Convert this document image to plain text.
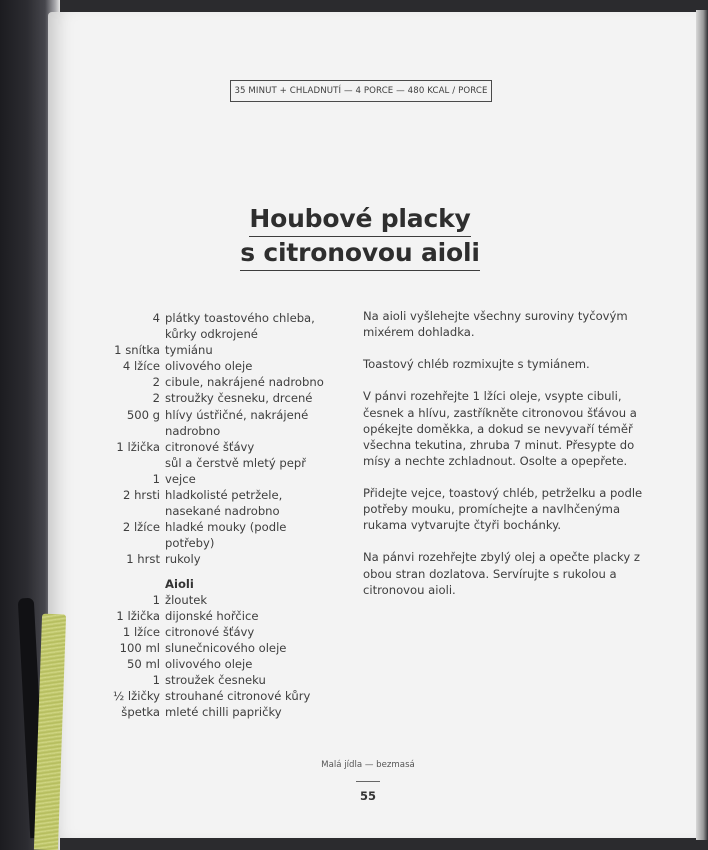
35 MINUT + CHLADNUTÍ — 4 PORCE — 480 KCAL / PORCE
Houbové placky
s citronovou aioli
4 plátky toastového chleba,
kůrky odkrojené
1 snítka tymiánu
4 lžíce olivového oleje
2 cibule, nakrájené nadrobno
2 stroužky česneku, drcené
500 g hlívy ústřičné, nakrájené
nadrobno
1 lžička citronové šťávy
sůl a čerstvě mletý pepř
1 vejce
2 hrsti hladkolisté petržele,
nasekané nadrobno
2 lžíce hladké mouky (podle
potřeby)
1 hrst rukoly
Aioli
1 žloutek
1 lžička dijonské hořčice
1 lžíce citronové šťávy
100 ml slunečnicového oleje
50 ml olivového oleje
1 stroužek česneku
½ lžičky strouhané citronové kůry
špetka mleté chilli papričky

Na aioli vyšlehejte všechny suroviny tyčovým mixérem dohladka.

Toastový chléb rozmixujte s tymiánem.

V pánvi rozehřejte 1 lžíci oleje, vsypte cibuli, česnek a hlívu, zastříkněte citronovou šťávou a opékejte doměkka, a dokud se nevyvaří téměř všechna tekutina, zhruba 7 minut. Přesypte do mísy a nechte zchladnout. Osolte a opepřete.

Přidejte vejce, toastový chléb, petrželku a podle potřeby mouku, promíchejte a navlhčenýma rukama vytvarujte čtyři bochánky.

Na pánvi rozehřejte zbylý olej a opečte placky z obou stran dozlatova. Servírujte s rukolou a citronovou aioli.

Malá jídla — bezmasá
55
